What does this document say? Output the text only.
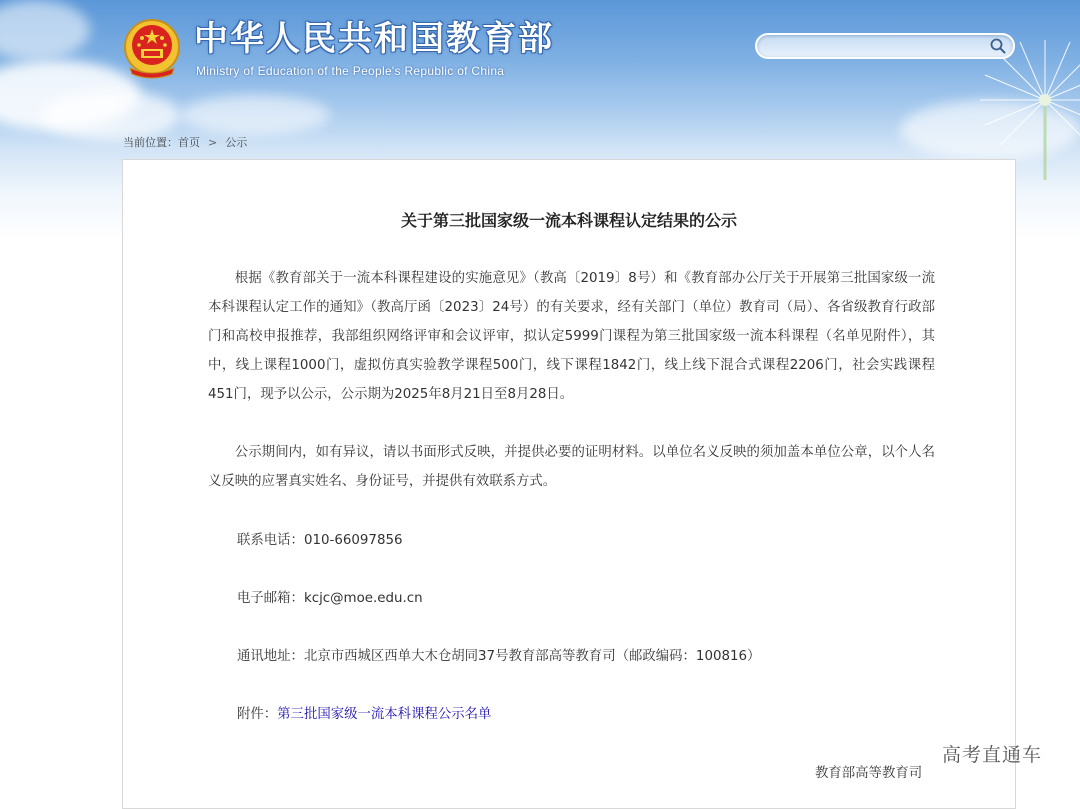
中华人民共和国教育部
Ministry of Education of the People's Republic of China
当前位置：首页 > 公示
关于第三批国家级一流本科课程认定结果的公示

根据《教育部关于一流本科课程建设的实施意见》（教高〔2019〕8号）和《教育部办公厅关于开展第三批国家级一流本科课程认定工作的通知》（教高厅函〔2023〕24号）的有关要求，经有关部门（单位）教育司（局）、各省级教育行政部门和高校申报推荐，我部组织网络评审和会议评审，拟认定5999门课程为第三批国家级一流本科课程（名单见附件），其中，线上课程1000门，虚拟仿真实验教学课程500门，线下课程1842门，线上线下混合式课程2206门，社会实践课程451门，现予以公示，公示期为2025年8月21日至8月28日。

公示期间内，如有异议，请以书面形式反映，并提供必要的证明材料。以单位名义反映的须加盖本单位公章，以个人名义反映的应署真实姓名、身份证号，并提供有效联系方式。

联系电话：010-66097856

电子邮箱：kcjc@moe.edu.cn

通讯地址：北京市西城区西单大木仓胡同37号教育部高等教育司（邮政编码：100816）

附件：第三批国家级一流本科课程公示名单

教育部高等教育司

高考直通车
